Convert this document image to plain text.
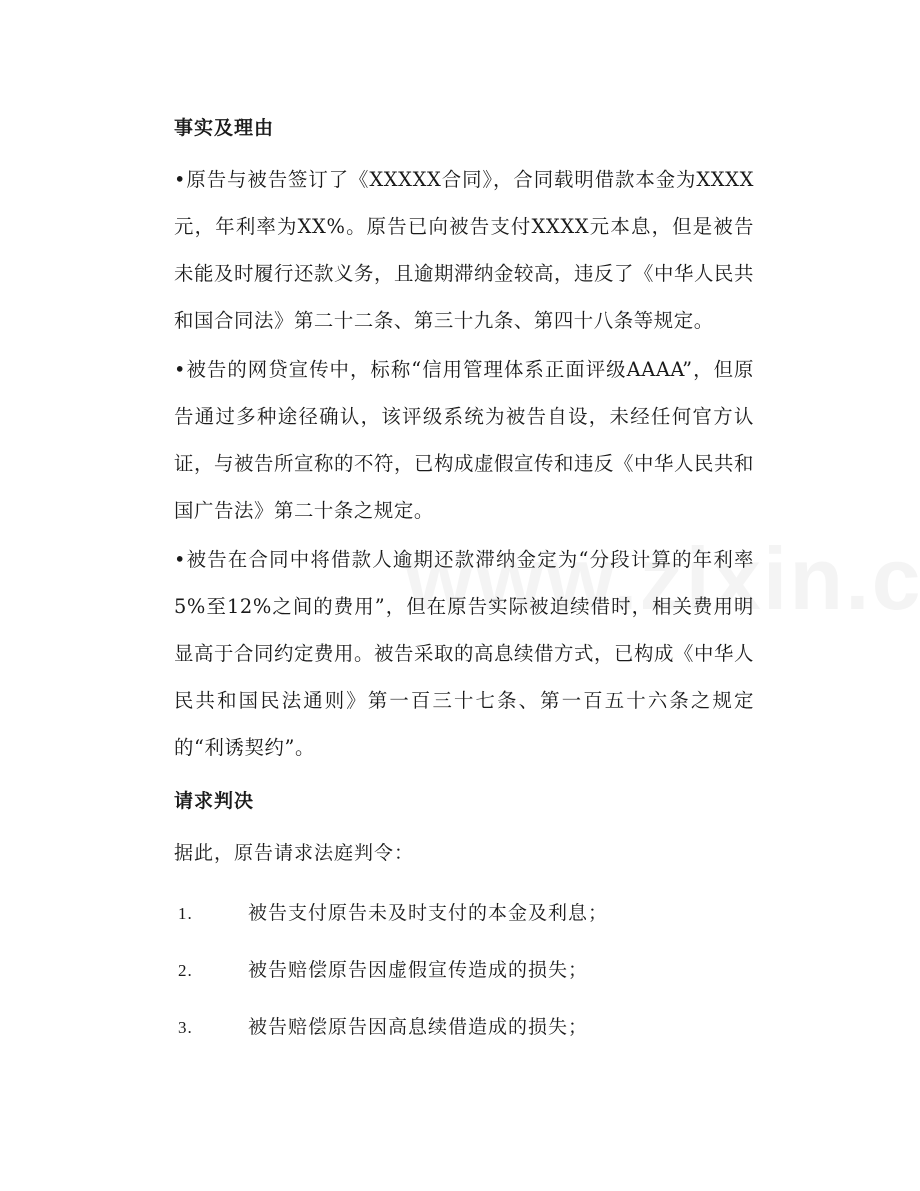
事实及理由

•原告与被告签订了《XXXXX合同》，合同载明借款本金为XXXX元，年利率为XX%。原告已向被告支付XXXX元本息，但是被告未能及时履行还款义务，且逾期滞纳金较高，违反了《中华人民共和国合同法》第二十二条、第三十九条、第四十八条等规定。

•被告的网贷宣传中，标称“信用管理体系正面评级AAAA”，但原告通过多种途径确认，该评级系统为被告自设，未经任何官方认证，与被告所宣称的不符，已构成虚假宣传和违反《中华人民共和国广告法》第二十条之规定。

•被告在合同中将借款人逾期还款滞纳金定为“分段计算的年利率5%至12%之间的费用”，但在原告实际被迫续借时，相关费用明显高于合同约定费用。被告采取的高息续借方式，已构成《中华人民共和国民法通则》第一百三十七条、第一百五十六条之规定的“利诱契约”。

请求判决

据此，原告请求法庭判令：

1.	被告支付原告未及时支付的本金及利息；
2.	被告赔偿原告因虚假宣传造成的损失；
3.	被告赔偿原告因高息续借造成的损失；
